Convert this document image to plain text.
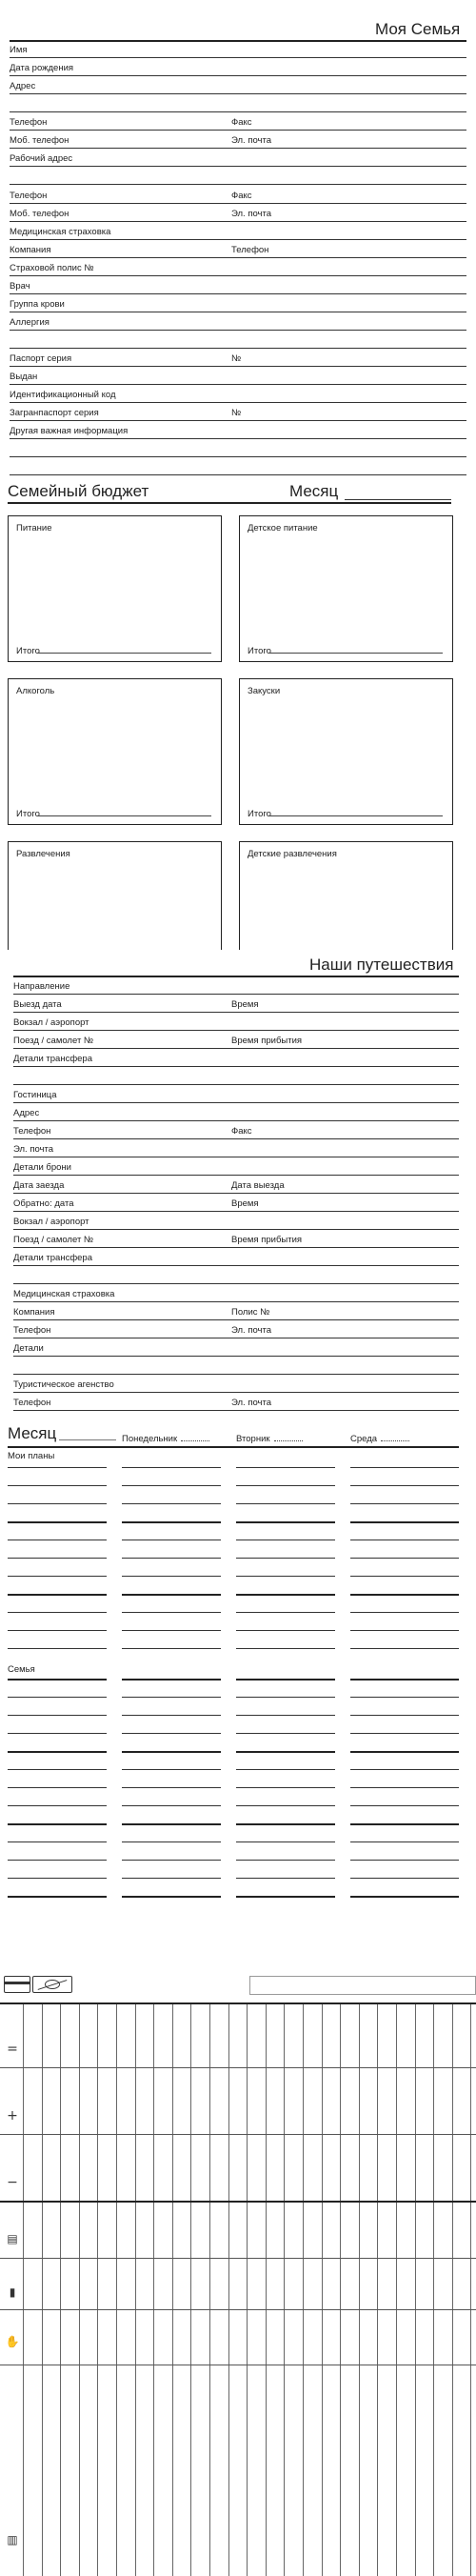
Моя Семья
Имя
Дата рождения
Адрес
Телефон	Факс
Моб. телефон	Эл. почта
Рабочий адрес
Телефон	Факс
Моб. телефон	Эл. почта
Медицинская страховка
Компания	Телефон
Страховой полис №
Врач
Группа крови
Аллергия
Паспорт серия	№
Выдан
Идентификационный код
Загранпаспорт серия	№
Другая важная информация
Семейный бюджет	Месяц
Питание
Итого
Детское питание
Итого
Алкоголь
Итого
Закуски
Итого
Развлечения	Детские развлечения
Наши путешествия
Направление
Выезд дата	Время
Вокзал / аэропорт
Поезд / самолет №	Время прибытия
Детали трансфера
Гостиница
Адрес
Телефон	Факс
Эл. почта
Детали брони
Дата заезда	Дата выезда
Обратно: дата	Время
Вокзал / аэропорт
Поезд / самолет №	Время прибытия
Детали трансфера
Медицинская страховка
Компания	Полис №
Телефон	Эл. почта
Детали
Туристическое агенство
Телефон	Эл. почта
Месяц	Понедельник	Вторник	Среда
Мои планы
Семья
=
+
−
▤
▮
✋
▥
